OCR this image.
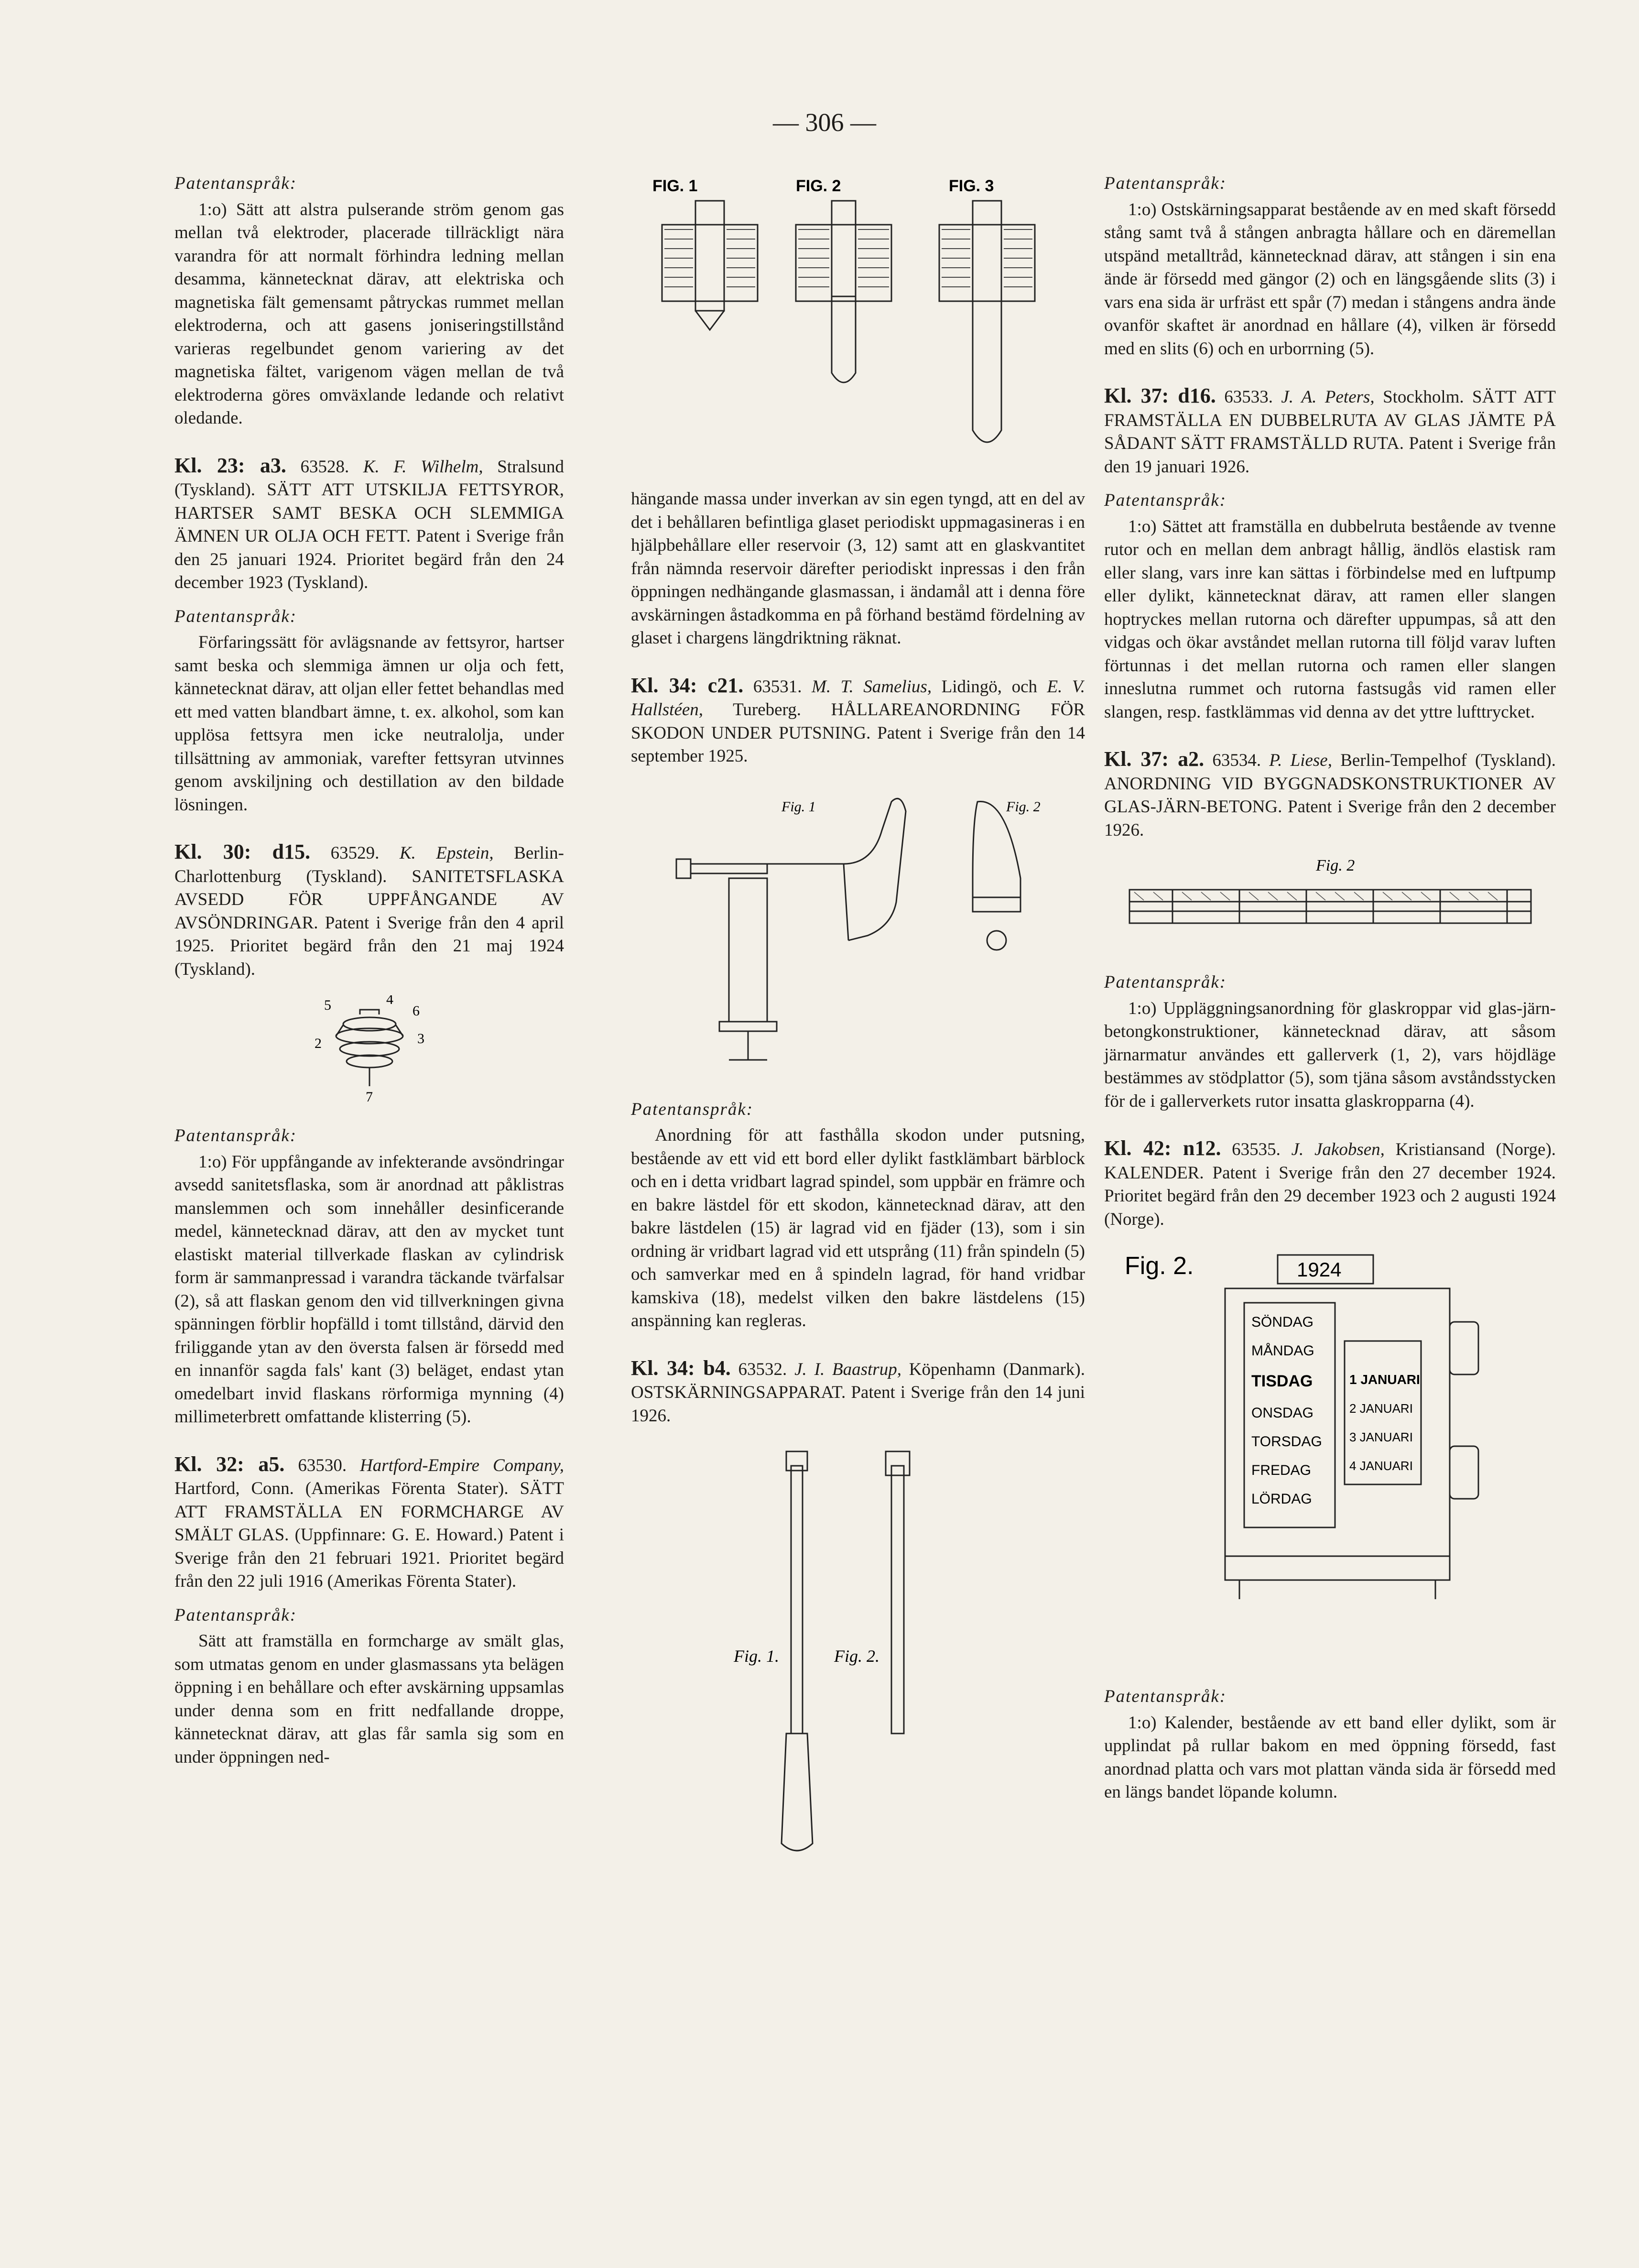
— 306 —

Patentanspråk:

1:o) Sätt att alstra pulserande ström genom gas mellan två elektroder, placerade tillräckligt nära varandra för att normalt förhindra ledning mellan desamma, kännetecknat därav, att elektriska och magnetiska fält gemensamt påtryckas rummet mellan elektroderna, och att gasens joniseringstillstånd varieras regelbundet genom variering av det magnetiska fältet, varigenom vägen mellan de två elektroderna göres omväxlande ledande och relativt oledande.

Kl. 23: a3. 63528. K. F. Wilhelm, Stralsund (Tyskland). SÄTT ATT UTSKILJA FETTSYROR, HARTSER SAMT BESKA OCH SLEMMIGA ÄMNEN UR OLJA OCH FETT. Patent i Sverige från den 25 januari 1924. Prioritet begärd från den 24 december 1923 (Tyskland).

Patentanspråk:

Förfaringssätt för avlägsnande av fettsyror, hartser samt beska och slemmiga ämnen ur olja och fett, kännetecknat därav, att oljan eller fettet behandlas med ett med vatten blandbart ämne, t. ex. alkohol, som kan upplösa fettsyra men icke neutralolja, under tillsättning av ammoniak, varefter fettsyran utvinnes genom avskiljning och destillation av den bildade lösningen.

Kl. 30: d15. 63529. K. Epstein, Berlin-Charlottenburg (Tyskland). SANITETSFLASKA AVSEDD FÖR UPPFÅNGANDE AV AVSÖNDRINGAR. Patent i Sverige från den 4 april 1925. Prioritet begärd från den 21 maj 1924 (Tyskland).

5	4
6
2	3
7

Patentanspråk:

1:o) För uppfångande av infekterande avsöndringar avsedd sanitetsflaska, som är anordnad att påklistras manslemmen och som innehåller desinficerande medel, kännetecknad därav, att den av mycket tunt elastiskt material tillverkade flaskan av cylindrisk form är sammanpressad i varandra täckande tvärfalsar (2), så att flaskan genom den vid tillverkningen givna spänningen förblir hopfälld i tomt tillstånd, därvid den friliggande ytan av den översta falsen är försedd med en innanför sagda fals' kant (3) beläget, endast ytan omedelbart invid flaskans rörformiga mynning (4) millimeterbrett omfattande klisterring (5).

Kl. 32: a5. 63530. Hartford-Empire Company, Hartford, Conn. (Amerikas Förenta Stater). SÄTT ATT FRAMSTÄLLA EN FORMCHARGE AV SMÄLT GLAS. (Uppfinnare: G. E. Howard.) Patent i Sverige från den 21 februari 1921. Prioritet begärd från den 22 juli 1916 (Amerikas Förenta Stater).

Patentanspråk:

Sätt att framställa en formcharge av smält glas, som utmatas genom en under glasmassans yta belägen öppning i en behållare och efter avskärning uppsamlas under denna som en fritt nedfallande droppe, kännetecknat därav, att glas får samla sig som en under öppningen ned-

FIG. 1	FIG. 2	FIG. 3

hängande massa under inverkan av sin egen tyngd, att en del av det i behållaren befintliga glaset periodiskt uppmagasineras i en hjälpbehållare eller reservoir (3, 12) samt att en glaskvantitet från nämnda reservoir därefter periodiskt inpressas i den från öppningen nedhängande glasmassan, i ändamål att i denna före avskärningen åstadkomma en på förhand bestämd fördelning av glaset i chargens längdriktning räknat.

Kl. 34: c21. 63531. M. T. Samelius, Lidingö, och E. V. Hallstéen, Tureberg. HÅLLAREANORDNING FÖR SKODON UNDER PUTSNING. Patent i Sverige från den 14 september 1925.

Fig. 1	Fig. 2

Patentanspråk:

Anordning för att fasthålla skodon under putsning, bestående av ett vid ett bord eller dylikt fastklämbart bärblock och en i detta vridbart lagrad spindel, som uppbär en främre och en bakre lästdel för ett skodon, kännetecknad därav, att den bakre lästdelen (15) är lagrad vid en fjäder (13), som i sin ordning är vridbart lagrad vid ett utsprång (11) från spindeln (5) och samverkar med en å spindeln lagrad, för hand vridbar kamskiva (18), medelst vilken den bakre lästdelens (15) anspänning kan regleras.

Kl. 34: b4. 63532. J. I. Baastrup, Köpenhamn (Danmark). OSTSKÄRNINGSAPPARAT. Patent i Sverige från den 14 juni 1926.

Fig. 1.	Fig. 2.

Patentanspråk:

1:o) Ostskärningsapparat bestående av en med skaft försedd stång samt två å stången anbragta hållare och en däremellan utspänd metalltråd, kännetecknad därav, att stången i sin ena ände är försedd med gängor (2) och en längsgående slits (3) i vars ena sida är urfräst ett spår (7) medan i stångens andra ände ovanför skaftet är anordnad en hållare (4), vilken är försedd med en slits (6) och en urborrning (5).

Kl. 37: d16. 63533. J. A. Peters, Stockholm. SÄTT ATT FRAMSTÄLLA EN DUBBELRUTA AV GLAS JÄMTE PÅ SÅDANT SÄTT FRAMSTÄLLD RUTA. Patent i Sverige från den 19 januari 1926.

Patentanspråk:

1:o) Sättet att framställa en dubbelruta bestående av tvenne rutor och en mellan dem anbragt hållig, ändlös elastisk ram eller slang, vars inre kan sättas i förbindelse med en luftpump eller dylikt, kännetecknat därav, att ramen eller slangen hoptryckes mellan rutorna och därefter uppumpas, så att den vidgas och ökar avståndet mellan rutorna till följd varav luften förtunnas i det mellan rutorna och ramen eller slangen inneslutna rummet och rutorna fastsugås vid ramen eller slangen, resp. fastklämmas vid denna av det yttre lufttrycket.

Kl. 37: a2. 63534. P. Liese, Berlin-Tempelhof (Tyskland). ANORDNING VID BYGGNADSKONSTRUKTIONER AV GLAS-JÄRN-BETONG. Patent i Sverige från den 2 december 1926.

Fig. 2

Patentanspråk:

1:o) Uppläggningsanordning för glaskroppar vid glas-järn-betongkonstruktioner, kännetecknad därav, att såsom järnarmatur användes ett gallerverk (1, 2), vars höjdläge bestämmes av stödplattor (5), som tjäna såsom avståndsstycken för de i gallerverkets rutor insatta glaskropparna (4).

Kl. 42: n12. 63535. J. Jakobsen, Kristiansand (Norge). KALENDER. Patent i Sverige från den 27 december 1924. Prioritet begärd från den 29 december 1923 och 2 augusti 1924 (Norge).

Fig. 2.	1924
SÖNDAG
MÅNDAG
TISDAG
ONSDAG
TORSDAG
FREDAG
LÖRDAG
1 JANUARI
2 JANUARI
3 JANUARI
4 JANUARI

Patentanspråk:

1:o) Kalender, bestående av ett band eller dylikt, som är upplindat på rullar bakom en med öppning försedd, fast anordnad platta och vars mot plattan vända sida är försedd med en längs bandet löpande kolumn.
